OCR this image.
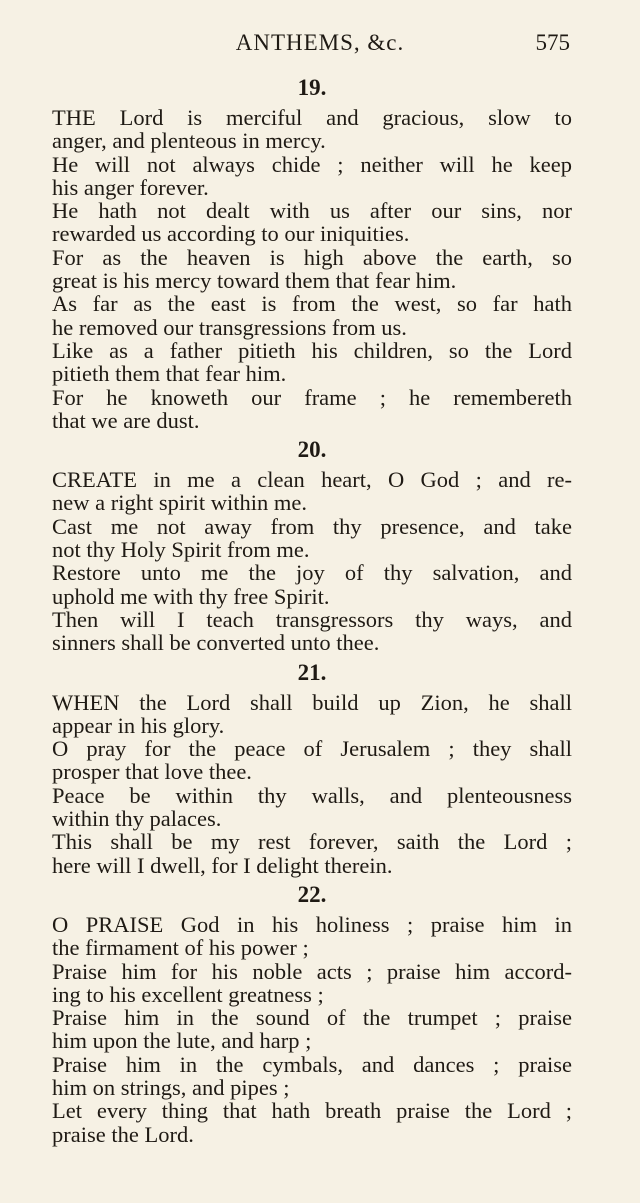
ANTHEMS, &c.	575
19.
THE Lord is merciful and gracious, slow to
anger, and plenteous in mercy.
He will not always chide ; neither will he keep
his anger forever.
He hath not dealt with us after our sins, nor
rewarded us according to our iniquities.
For as the heaven is high above the earth, so
great is his mercy toward them that fear him.
As far as the east is from the west, so far hath
he removed our transgressions from us.
Like as a father pitieth his children, so the Lord
pitieth them that fear him.
For he knoweth our frame ; he remembereth
that we are dust.
20.
CREATE in me a clean heart, O God ; and re-
new a right spirit within me.
Cast me not away from thy presence, and take
not thy Holy Spirit from me.
Restore unto me the joy of thy salvation, and
uphold me with thy free Spirit.
Then will I teach transgressors thy ways, and
sinners shall be converted unto thee.
21.
WHEN the Lord shall build up Zion, he shall
appear in his glory.
O pray for the peace of Jerusalem ; they shall
prosper that love thee.
Peace be within thy walls, and plenteousness
within thy palaces.
This shall be my rest forever, saith the Lord ;
here will I dwell, for I delight therein.
22.
O PRAISE God in his holiness ; praise him in
the firmament of his power ;
Praise him for his noble acts ; praise him accord-
ing to his excellent greatness ;
Praise him in the sound of the trumpet ; praise
him upon the lute, and harp ;
Praise him in the cymbals, and dances ; praise
him on strings, and pipes ;
Let every thing that hath breath praise the Lord ;
praise the Lord.
